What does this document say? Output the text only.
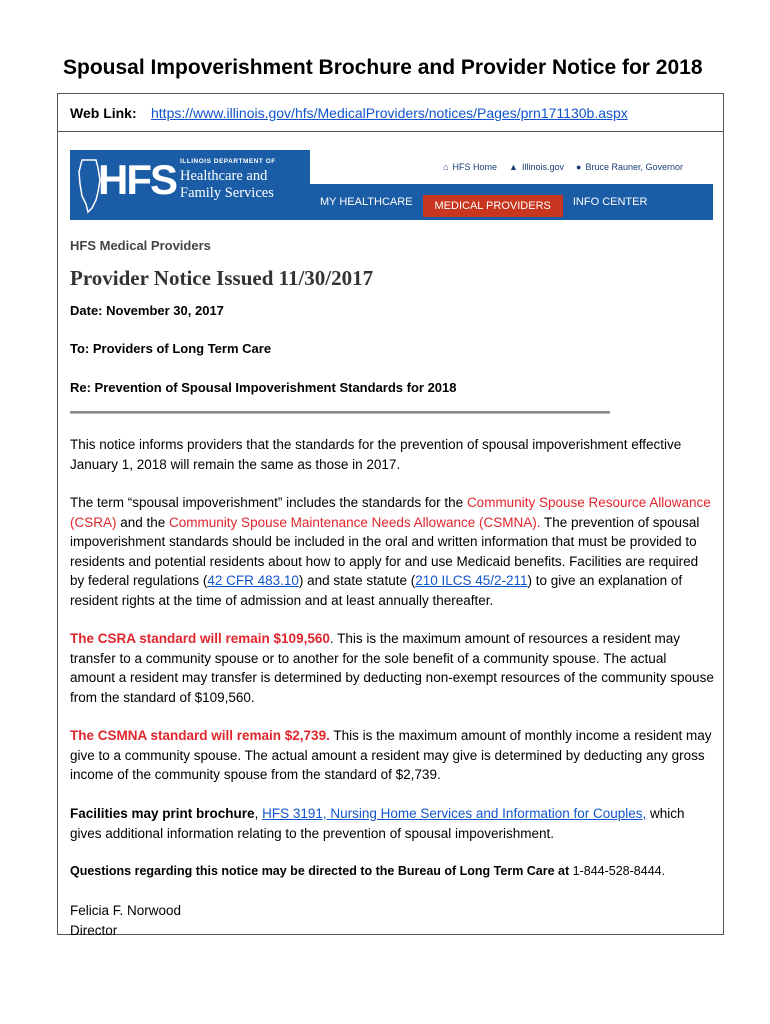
Spousal Impoverishment Brochure and Provider Notice for 2018
Web Link: https://www.illinois.gov/hfs/MedicalProviders/notices/Pages/prn171130b.aspx
HFS ILLINOIS DEPARTMENT OF
Healthcare and
Family Services
⌂ HFS Home ▲ Illinois.gov ● Bruce Rauner, Governor
MY HEALTHCARE	MEDICAL PROVIDERS	INFO CENTER
HFS Medical Providers
Provider Notice Issued 11/30/2017
Date: November 30, 2017
To: Providers of Long Term Care
Re: Prevention of Spousal Impoverishment Standards for 2018
This notice informs providers that the standards for the prevention of spousal impoverishment effective January 1, 2018 will remain the same as those in 2017.
The term “spousal impoverishment” includes the standards for the Community Spouse Resource Allowance (CSRA) and the Community Spouse Maintenance Needs Allowance (CSMNA). The prevention of spousal impoverishment standards should be included in the oral and written information that must be provided to residents and potential residents about how to apply for and use Medicaid benefits. Facilities are required by federal regulations (42 CFR 483.10) and state statute (210 ILCS 45/2-211) to give an explanation of resident rights at the time of admission and at least annually thereafter.
The CSRA standard will remain $109,560. This is the maximum amount of resources a resident may transfer to a community spouse or to another for the sole benefit of a community spouse. The actual amount a resident may transfer is determined by deducting non-exempt resources of the community spouse from the standard of $109,560.
The CSMNA standard will remain $2,739. This is the maximum amount of monthly income a resident may give to a community spouse. The actual amount a resident may give is determined by deducting any gross income of the community spouse from the standard of $2,739.
Facilities may print brochure, HFS 3191, Nursing Home Services and Information for Couples, which gives additional information relating to the prevention of spousal impoverishment.
Questions regarding this notice may be directed to the Bureau of Long Term Care at 1-844-528-8444.
Felicia F. Norwood
Director
